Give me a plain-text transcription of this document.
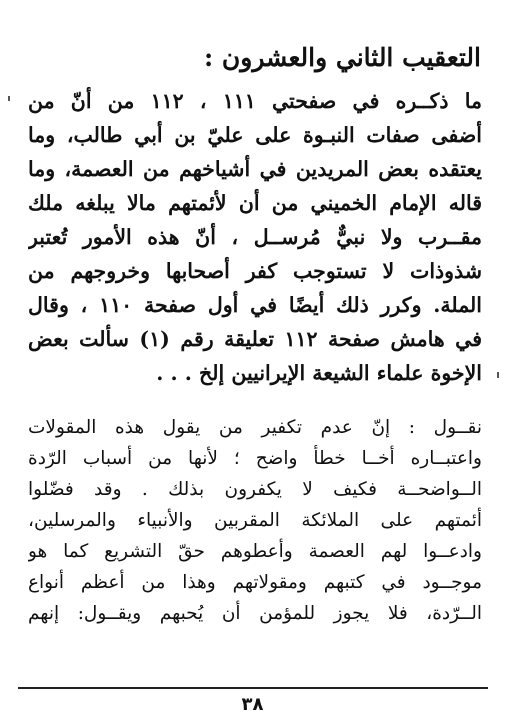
التعقيب الثاني والعشرون :
ما ذكــره في صفحتي ١١١ ، ١١٢ من أنّ من
أضفى صفات النبـوة على عليّ بن أبي طالب، وما
يعتقده بعض المريدين في أشياخهم من العصمة، وما
قاله الإمام الخميني من أن لأئمتهم مالا يبلغه ملك
مقــرب ولا نبيٌّ مُرســل ، أنّ هذه الأمور تُعتبر
شذوذات لا تستوجب كفر أصحابها وخروجهم من
الملة. وكرر ذلك أيضًا في أول صفحة ١١٠ ، وقال
في هامش صفحة ١١٢ تعليقة رقم (١) سألت بعض
الإخوة علماء الشيعة الإيرانيين إلخ . . .
نقــول : إنّ عدم تكفير من يقول هذه المقولات
واعتبــاره أخــا خطأ واضح ؛ لأنها من أسباب الرّدة
الــواضحــة فكيف لا يكفرون بذلك . وقد فضّلوا
أئمتهم على الملائكة المقربين والأنبياء والمرسلين،
وادعــوا لهم العصمة وأعطوهم حقّ التشريع كما هو
موجــود في كتبهم ومقولاتهم وهذا من أعظم أنواع
الــرّدة، فلا يجوز للمؤمن أن يُحبهم ويقــول: إنهم
٣٨
